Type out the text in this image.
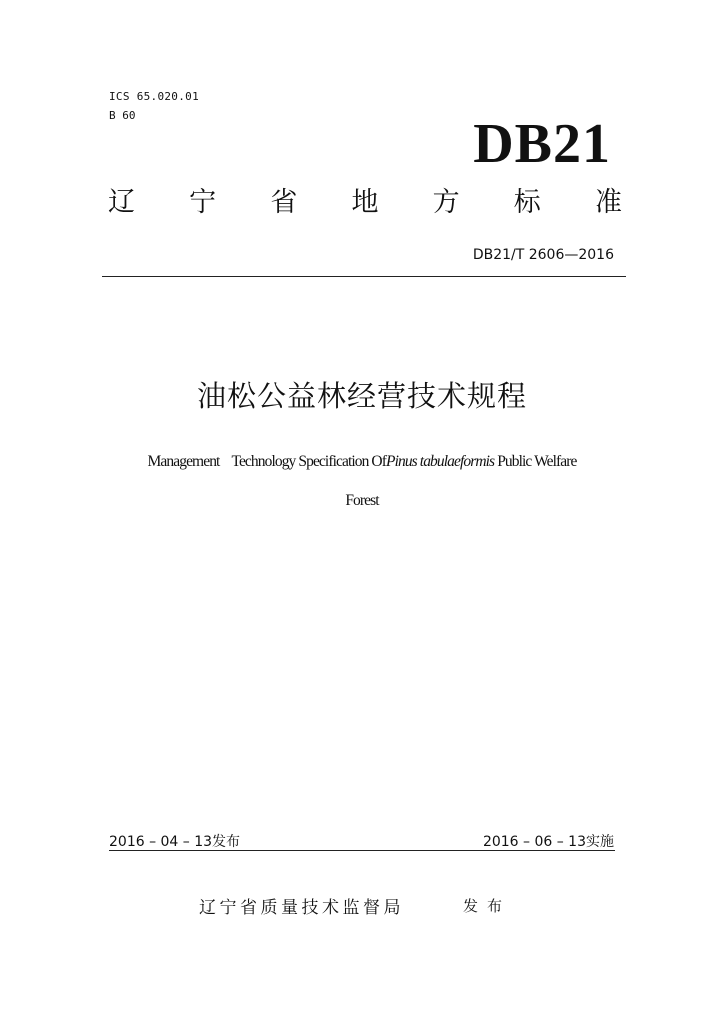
ICS 65.020.01
B 60	DB21
辽 宁 省 地 方 标 准
DB21/T 2606—2016
油松公益林经营技术规程
Management Technology Specification OfPinus tabulaeformis Public Welfare
Forest
2016 – 04 – 13发布	2016 – 06 – 13实施
辽宁省质量技术监督局	发布
